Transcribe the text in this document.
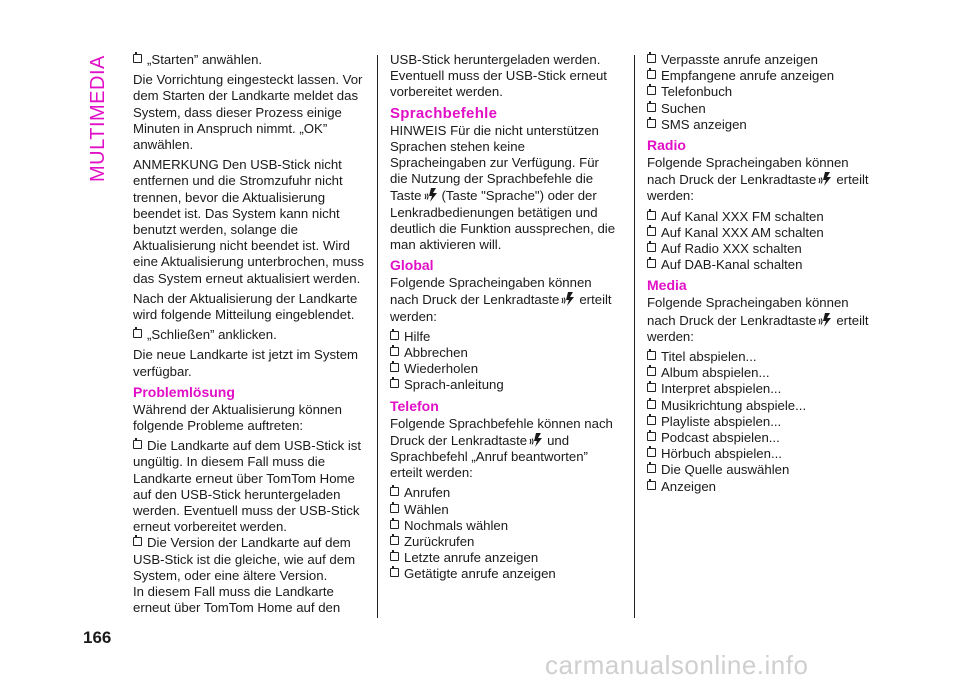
MULTIMEDIA	„Starten” anwählen.

Die Vorrichtung eingesteckt lassen. Vor dem Starten der Landkarte meldet das System, dass dieser Prozess einige Minuten in Anspruch nimmt. „OK” anwählen.

ANMERKUNG Den USB-Stick nicht entfernen und die Stromzufuhr nicht trennen, bevor die Aktualisierung beendet ist. Das System kann nicht benutzt werden, solange die Aktualisierung nicht beendet ist. Wird eine Aktualisierung unterbrochen, muss das System erneut aktualisiert werden.

Nach der Aktualisierung der Landkarte wird folgende Mitteilung eingeblendet.

„Schließen” anklicken.

Die neue Landkarte ist jetzt im System verfügbar.

Problemlösung

Während der Aktualisierung können folgende Probleme auftreten:

Die Landkarte auf dem USB-Stick ist ungültig. In diesem Fall muss die Landkarte erneut über TomTom Home auf den USB-Stick heruntergeladen werden. Eventuell muss der USB-Stick erneut vorbereitet werden.
Die Version der Landkarte auf dem USB-Stick ist die gleiche, wie auf dem System, oder eine ältere Version.

In diesem Fall muss die Landkarte erneut über TomTom Home auf den

USB-Stick heruntergeladen werden. Eventuell muss der USB-Stick erneut vorbereitet werden.

Sprachbefehle

HINWEIS Für die nicht unterstützen Sprachen stehen keine Spracheingaben zur Verfügung. Für die Nutzung der Sprachbefehle die Taste (Taste "Sprache") oder der Lenkradbedienungen betätigen und deutlich die Funktion aussprechen, die man aktivieren will.

Global

Folgende Spracheingaben können nach Druck der Lenkradtaste erteilt werden:

Hilfe
Abbrechen
Wiederholen
Sprach-anleitung
Telefon

Folgende Sprachbefehle können nach Druck der Lenkradtaste und Sprachbefehl „Anruf beantworten” erteilt werden:

Anrufen
Wählen
Nochmals wählen
Zurückrufen
Letzte anrufe anzeigen
Getätigte anrufe anzeigen
Verpasste anrufe anzeigen
Empfangene anrufe anzeigen
Telefonbuch
Suchen
SMS anzeigen
Radio

Folgende Spracheingaben können nach Druck der Lenkradtaste erteilt werden:

Auf Kanal XXX FM schalten
Auf Kanal XXX AM schalten
Auf Radio XXX schalten
Auf DAB-Kanal schalten
Media

Folgende Spracheingaben können nach Druck der Lenkradtaste erteilt werden:

Titel abspielen...
Album abspielen...
Interpret abspielen...
Musikrichtung abspiele...
Playliste abspielen...
Podcast abspielen...
Hörbuch abspielen...
Die Quelle auswählen
Anzeigen
166
carmanualsonline.info
